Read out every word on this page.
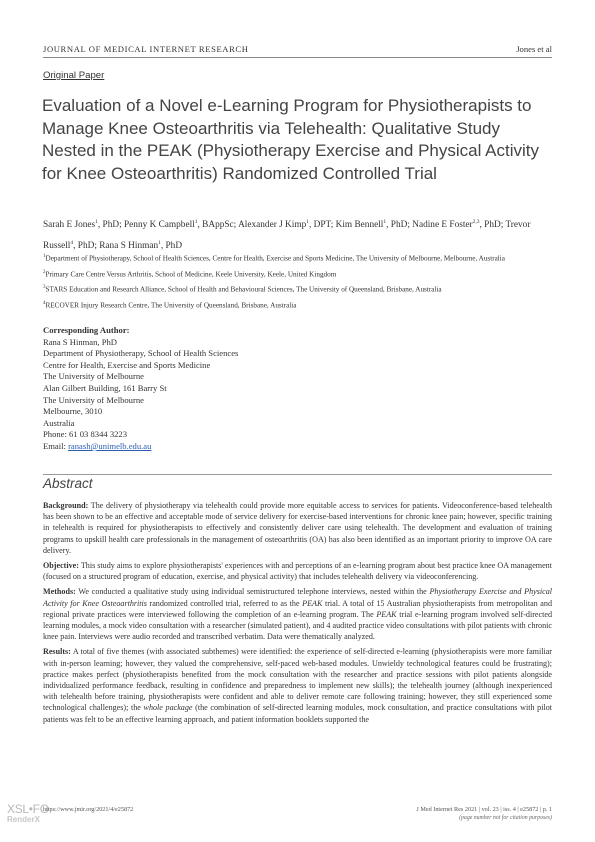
JOURNAL OF MEDICAL INTERNET RESEARCH	Jones et al
Original Paper
Evaluation of a Novel e-Learning Program for Physiotherapists to Manage Knee Osteoarthritis via Telehealth: Qualitative Study Nested in the PEAK (Physiotherapy Exercise and Physical Activity for Knee Osteoarthritis) Randomized Controlled Trial
Sarah E Jones$^1$, PhD; Penny K Campbell$^1$, BAppSc; Alexander J Kimp$^1$, DPT; Kim Bennell$^1$, PhD; Nadine E Foster$^{2,3}$, PhD; Trevor Russell$^4$, PhD; Rana S Hinman$^1$, PhD
$^1$Department of Physiotherapy, School of Health Sciences, Centre for Health, Exercise and Sports Medicine, The University of Melbourne, Melbourne, Australia
$^2$Primary Care Centre Versus Arthritis, School of Medicine, Keele University, Keele, United Kingdom
$^3$STARS Education and Research Alliance, School of Health and Behavioural Sciences, The University of Queensland, Brisbane, Australia
$^4$RECOVER Injury Research Centre, The University of Queensland, Brisbane, Australia
Corresponding Author:
Rana S Hinman, PhD
Department of Physiotherapy, School of Health Sciences
Centre for Health, Exercise and Sports Medicine
The University of Melbourne
Alan Gilbert Building, 161 Barry St
The University of Melbourne
Melbourne, 3010
Australia
Phone: 61 03 8344 3223
Email: ranash@unimelb.edu.au
Abstract

Background: The delivery of physiotherapy via telehealth could provide more equitable access to services for patients. Videoconference-based telehealth has been shown to be an effective and acceptable mode of service delivery for exercise-based interventions for chronic knee pain; however, specific training in telehealth is required for physiotherapists to effectively and consistently deliver care using telehealth. The development and evaluation of training programs to upskill health care professionals in the management of osteoarthritis (OA) has also been identified as an important priority to improve OA care delivery.

Objective: This study aims to explore physiotherapists' experiences with and perceptions of an e-learning program about best practice knee OA management (focused on a structured program of education, exercise, and physical activity) that includes telehealth delivery via videoconferencing.

Methods: We conducted a qualitative study using individual semistructured telephone interviews, nested within the Physiotherapy Exercise and Physical Activity for Knee Osteoarthritis randomized controlled trial, referred to as the PEAK trial. A total of 15 Australian physiotherapists from metropolitan and regional private practices were interviewed following the completion of an e-learning program. The PEAK trial e-learning program involved self-directed learning modules, a mock video consultation with a researcher (simulated patient), and 4 audited practice video consultations with pilot patients with chronic knee pain. Interviews were audio recorded and transcribed verbatim. Data were thematically analyzed.

Results: A total of five themes (with associated subthemes) were identified: the experience of self-directed e-learning (physiotherapists were more familiar with in-person learning; however, they valued the comprehensive, self-paced web-based modules. Unwieldy technological features could be frustrating); practice makes perfect (physiotherapists benefited from the mock consultation with the researcher and practice sessions with pilot patients alongside individualized performance feedback, resulting in confidence and preparedness to implement new skills); the telehealth journey (although inexperienced with telehealth before training, physiotherapists were confident and able to deliver remote care following training; however, they still experienced some technological challenges); the whole package (the combination of self-directed learning modules, mock consultation, and practice consultations with pilot patients was felt to be an effective learning approach, and patient information booklets supported the

XSL•FO
RenderX
https://www.jmir.org/2021/4/e25872	J Med Internet Res 2021 | vol. 23 | iss. 4 | e25872 | p. 1
(page number not for citation purposes)
